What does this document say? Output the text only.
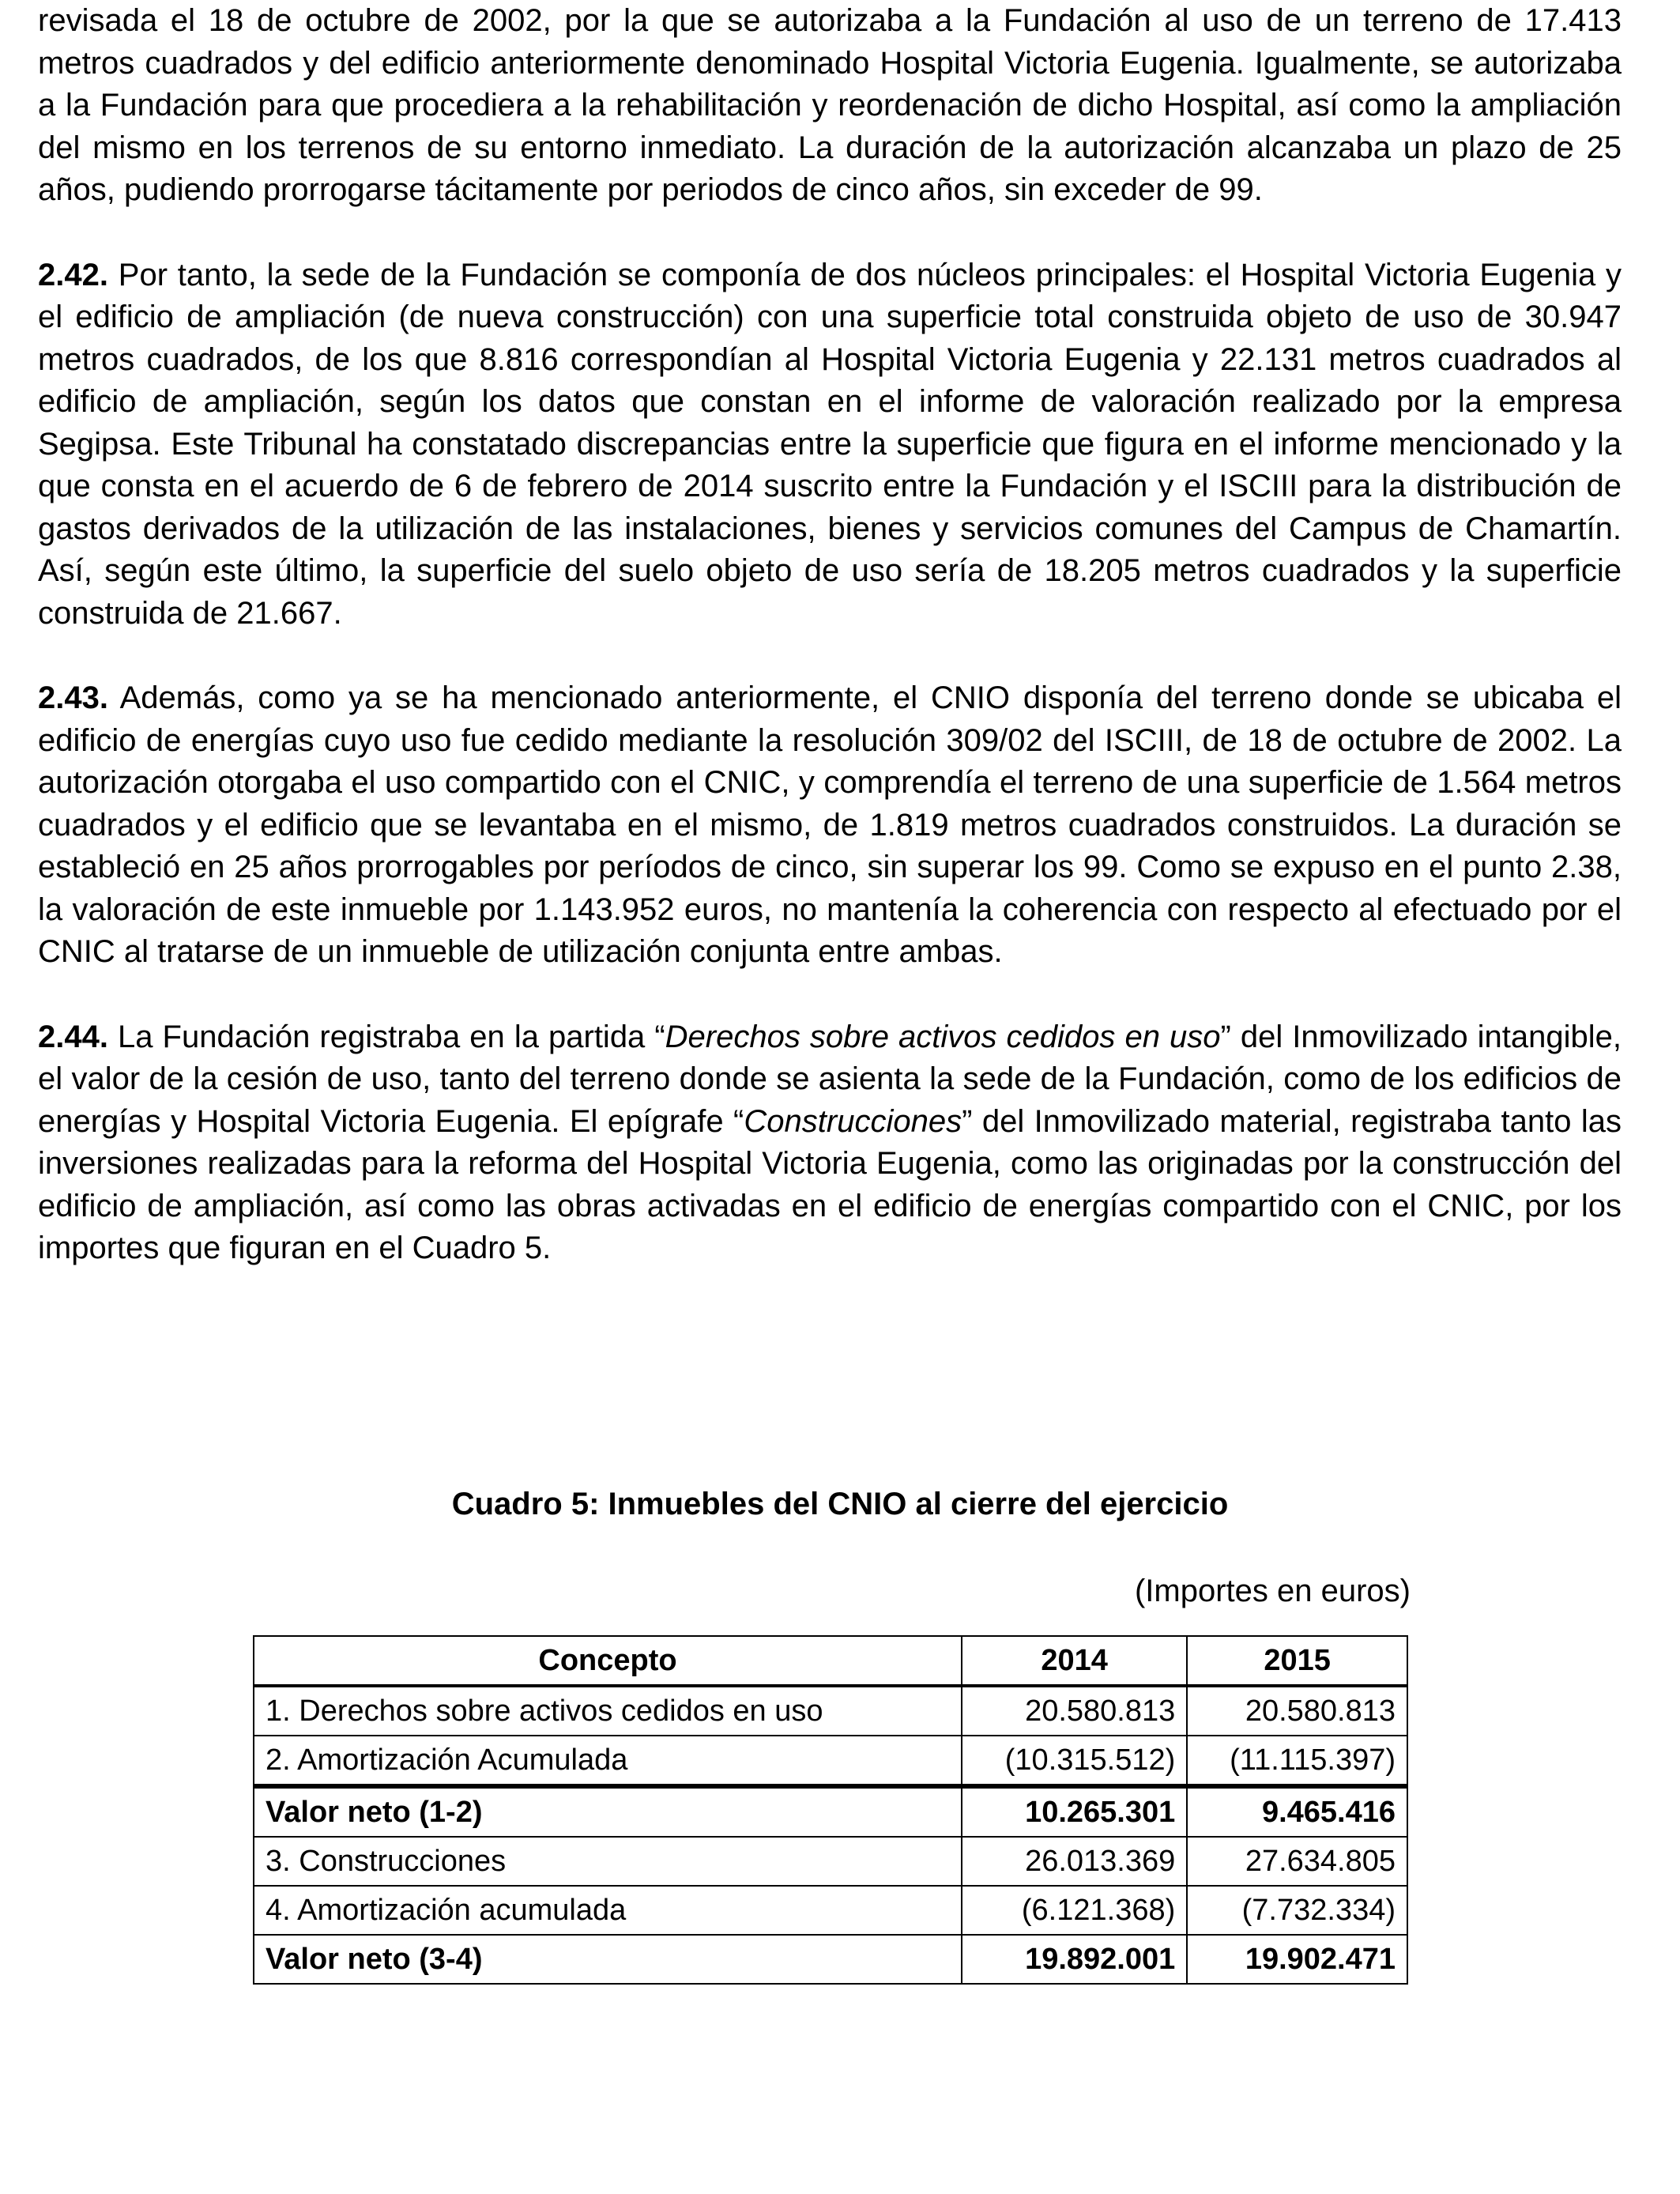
revisada el 18 de octubre de 2002, por la que se autorizaba a la Fundación al uso de un terreno de 17.413 metros cuadrados y del edificio anteriormente denominado Hospital Victoria Eugenia. Igualmente, se autorizaba a la Fundación para que procediera a la rehabilitación y reordenación de dicho Hospital, así como la ampliación del mismo en los terrenos de su entorno inmediato. La duración de la autorización alcanzaba un plazo de 25 años, pudiendo prorrogarse tácitamente por periodos de cinco años, sin exceder de 99.

2.42. Por tanto, la sede de la Fundación se componía de dos núcleos principales: el Hospital Victoria Eugenia y el edificio de ampliación (de nueva construcción) con una superficie total construida objeto de uso de 30.947 metros cuadrados, de los que 8.816 correspondían al Hospital Victoria Eugenia y 22.131 metros cuadrados al edificio de ampliación, según los datos que constan en el informe de valoración realizado por la empresa Segipsa. Este Tribunal ha constatado discrepancias entre la superficie que figura en el informe mencionado y la que consta en el acuerdo de 6 de febrero de 2014 suscrito entre la Fundación y el ISCIII para la distribución de gastos derivados de la utilización de las instalaciones, bienes y servicios comunes del Campus de Chamartín. Así, según este último, la superficie del suelo objeto de uso sería de 18.205 metros cuadrados y la superficie construida de 21.667.

2.43. Además, como ya se ha mencionado anteriormente, el CNIO disponía del terreno donde se ubicaba el edificio de energías cuyo uso fue cedido mediante la resolución 309/02 del ISCIII, de 18 de octubre de 2002. La autorización otorgaba el uso compartido con el CNIC, y comprendía el terreno de una superficie de 1.564 metros cuadrados y el edificio que se levantaba en el mismo, de 1.819 metros cuadrados construidos. La duración se estableció en 25 años prorrogables por períodos de cinco, sin superar los 99. Como se expuso en el punto 2.38, la valoración de este inmueble por 1.143.952 euros, no mantenía la coherencia con respecto al efectuado por el CNIC al tratarse de un inmueble de utilización conjunta entre ambas.

2.44. La Fundación registraba en la partida “Derechos sobre activos cedidos en uso” del Inmovilizado intangible, el valor de la cesión de uso, tanto del terreno donde se asienta la sede de la Fundación, como de los edificios de energías y Hospital Victoria Eugenia. El epígrafe “Construcciones” del Inmovilizado material, registraba tanto las inversiones realizadas para la reforma del Hospital Victoria Eugenia, como las originadas por la construcción del edificio de ampliación, así como las obras activadas en el edificio de energías compartido con el CNIC, por los importes que figuran en el Cuadro 5.

Cuadro 5: Inmuebles del CNIO al cierre del ejercicio
(Importes en euros)
Concepto	2014	2015
1. Derechos sobre activos cedidos en uso	20.580.813	20.580.813
2. Amortización Acumulada	(10.315.512)	(11.115.397)
Valor neto (1-2)	10.265.301	9.465.416
3. Construcciones	26.013.369	27.634.805
4. Amortización acumulada	(6.121.368)	(7.732.334)
Valor neto (3-4)	19.892.001	19.902.471
